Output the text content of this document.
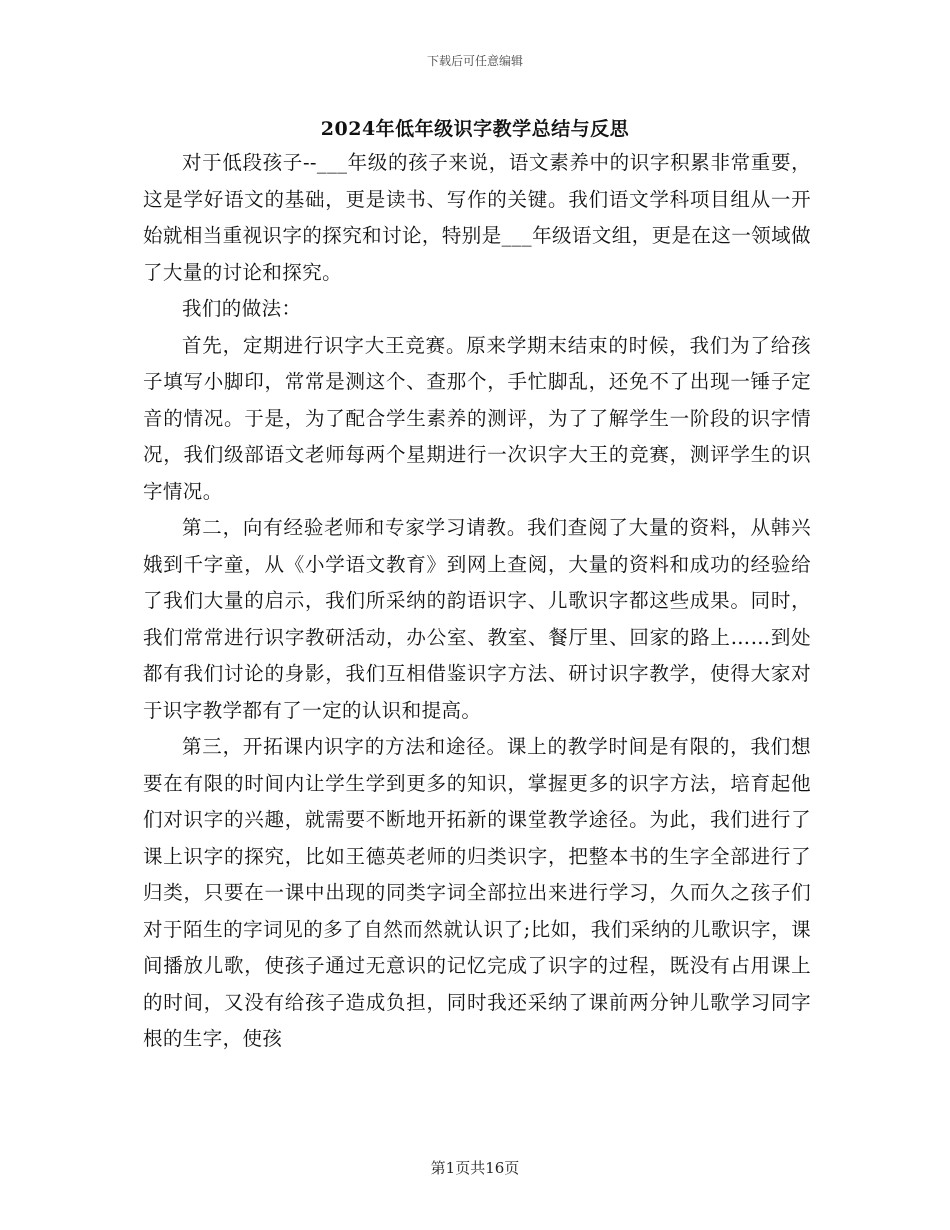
下载后可任意编辑
2024年低年级识字教学总结与反思

对于低段孩子--___年级的孩子来说，语文素养中的识字积累非常重要，这是学好语文的基础，更是读书、写作的关键。我们语文学科项目组从一开始就相当重视识字的探究和讨论，特别是___年级语文组，更是在这一领域做了大量的讨论和探究。

我们的做法：

首先，定期进行识字大王竞赛。原来学期末结束的时候，我们为了给孩子填写小脚印，常常是测这个、查那个，手忙脚乱，还免不了出现一锤子定音的情况。于是，为了配合学生素养的测评，为了了解学生一阶段的识字情况，我们级部语文老师每两个星期进行一次识字大王的竞赛，测评学生的识字情况。

第二，向有经验老师和专家学习请教。我们查阅了大量的资料，从韩兴娥到千字童，从《小学语文教育》到网上查阅，大量的资料和成功的经验给了我们大量的启示，我们所采纳的韵语识字、儿歌识字都这些成果。同时，我们常常进行识字教研活动，办公室、教室、餐厅里、回家的路上……到处都有我们讨论的身影，我们互相借鉴识字方法、研讨识字教学，使得大家对于识字教学都有了一定的认识和提高。

第三，开拓课内识字的方法和途径。课上的教学时间是有限的，我们想要在有限的时间内让学生学到更多的知识，掌握更多的识字方法，培育起他们对识字的兴趣，就需要不断地开拓新的课堂教学途径。为此，我们进行了课上识字的探究，比如王德英老师的归类识字，把整本书的生字全部进行了归类，只要在一课中出现的同类字词全部拉出来进行学习，久而久之孩子们对于陌生的字词见的多了自然而然就认识了;比如，我们采纳的儿歌识字，课间播放儿歌，使孩子通过无意识的记忆完成了识字的过程，既没有占用课上的时间，又没有给孩子造成负担，同时我还采纳了课前两分钟儿歌学习同字根的生字，使孩

第1页共16页
